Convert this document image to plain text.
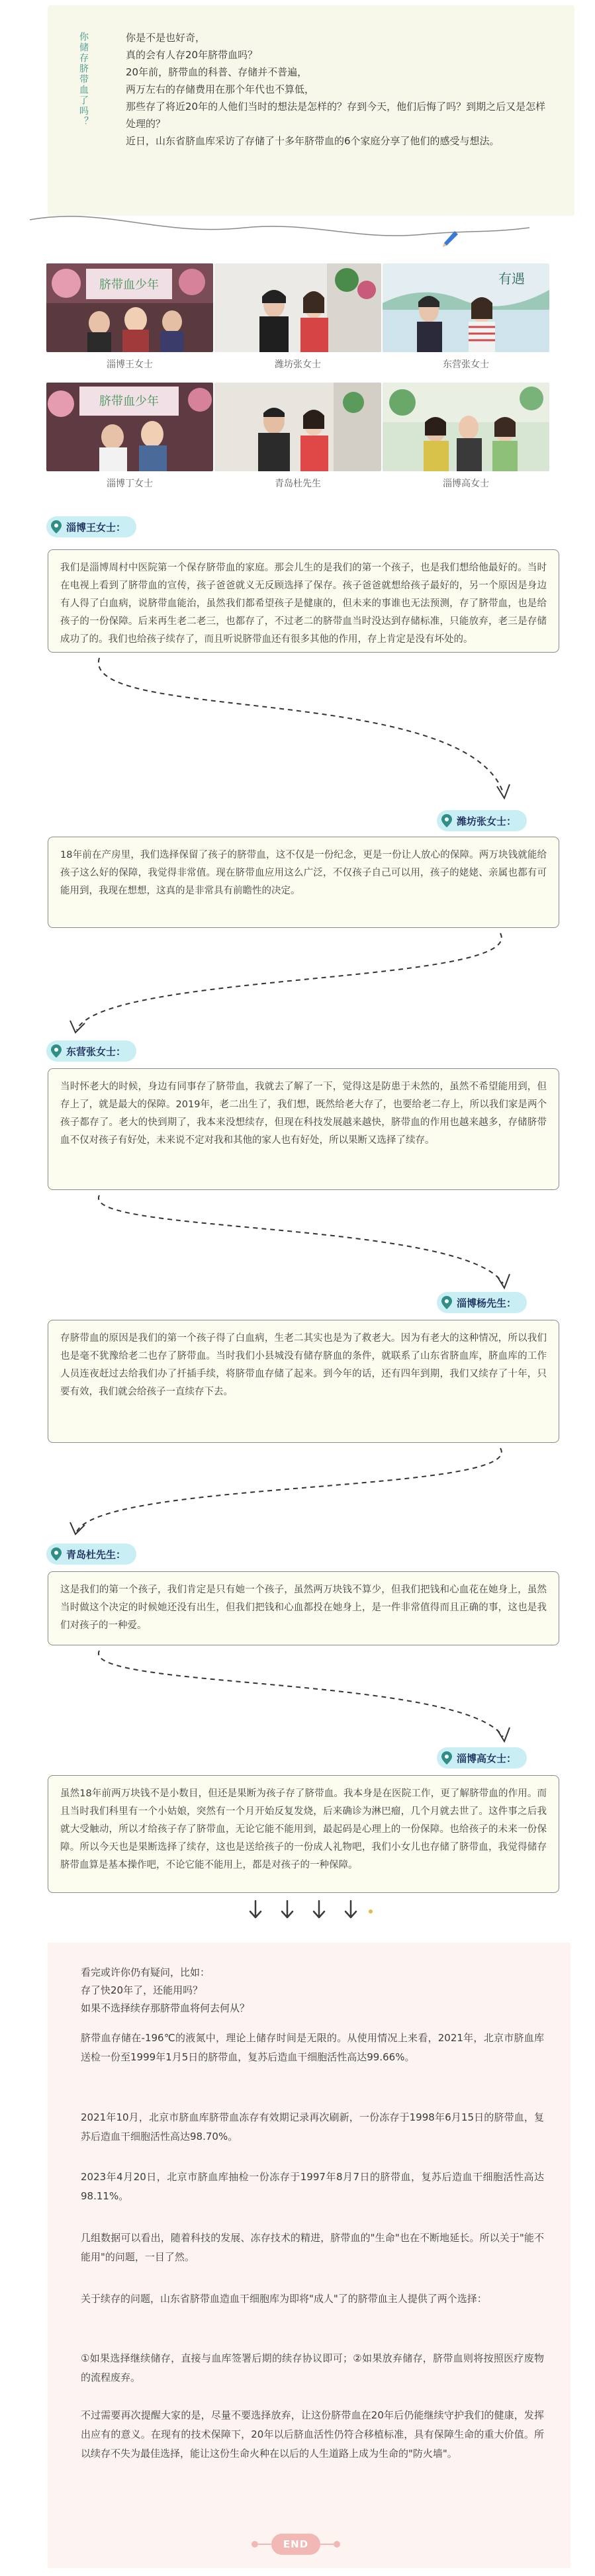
你储存脐带血了吗？	你是不是也好奇，

真的会有人存20年脐带血吗？

20年前，脐带血的科普、存储并不普遍，

两万左右的存储费用在那个年代也不算低，

那些存了将近20年的人他们当时的想法是怎样的？存到今天，他们后悔了吗？到期之后又是怎样处理的？

近日，山东省脐血库采访了存储了十多年脐带血的6个家庭分享了他们的感受与想法。

脐带血少年
淄博王女士	潍坊张女士
有遇
东营张女士
脐带血少年
淄博丁女士	青岛杜先生	淄博高女士
淄博王女士：
我们是淄博周村中医院第一个保存脐带血的家庭。那会儿生的是我们的第一个孩子，也是我们想给他最好的。当时在电视上看到了脐带血的宣传，孩子爸爸就义无反顾选择了保存。孩子爸爸就想给孩子最好的，另一个原因是身边有人得了白血病，说脐带血能治，虽然我们都希望孩子是健康的，但未来的事谁也无法预测，存了脐带血，也是给孩子的一份保障。后来再生老二老三，也都存了，不过老二的脐带血当时没达到存储标准，只能放弃，老三是存储成功了的。我们也给孩子续存了，而且听说脐带血还有很多其他的作用，存上肯定是没有坏处的。
潍坊张女士：
18年前在产房里，我们选择保留了孩子的脐带血，这不仅是一份纪念，更是一份让人放心的保障。两万块钱就能给孩子这么好的保障，我觉得非常值。现在脐带血应用这么广泛，不仅孩子自己可以用，孩子的姥姥、亲属也都有可能用到，我现在想想，这真的是非常具有前瞻性的决定。
东营张女士：
当时怀老大的时候，身边有同事存了脐带血，我就去了解了一下，觉得这是防患于未然的，虽然不希望能用到，但存上了，就是最大的保障。2019年，老二出生了，我们想，既然给老大存了，也要给老二存上，所以我们家是两个孩子都存了。老大的快到期了，我本来没想续存，但现在科技发展越来越快，脐带血的作用也越来越多，存储脐带血不仅对孩子有好处，未来说不定对我和其他的家人也有好处，所以果断又选择了续存。
淄博杨先生：
存脐带血的原因是我们的第一个孩子得了白血病，生老二其实也是为了救老大。因为有老大的这种情况，所以我们也是毫不犹豫给老二也存了脐带血。当时我们小县城没有储存脐血的条件，就联系了山东省脐血库，脐血库的工作人员连夜赶过去给我们办了扦插手续，将脐带血存储了起来。到今年的话，还有四年到期，我们又续存了十年，只要有效，我们就会给孩子一直续存下去。
青岛杜先生：
这是我们的第一个孩子，我们肯定是只有她一个孩子，虽然两万块钱不算少，但我们把钱和心血花在她身上，虽然当时做这个决定的时候她还没有出生，但我们把钱和心血都投在她身上，是一件非常值得而且正确的事，这也是我们对孩子的一种爱。
淄博高女士：
虽然18年前两万块钱不是小数目，但还是果断为孩子存了脐带血。我本身是在医院工作，更了解脐带血的作用。而且当时我们科里有一个小姑娘，突然有一个月开始反复发烧，后来确诊为淋巴瘤，几个月就去世了。这件事之后我就大受触动，所以才给孩子存了脐带血，无论它能不能用到，最起码是心理上的一份保障。也给孩子的未来一份保障。所以今天也是果断选择了续存，这也是送给孩子的一份成人礼物吧，我们小女儿也存储了脐带血，我觉得储存脐带血算是基本操作吧，不论它能不能用上，都是对孩子的一种保障。
看完或许你仍有疑问，比如：
存了快20年了，还能用吗？
如果不选择续存那脐带血将何去何从？
脐带血存储在-196℃的液氮中，理论上储存时间是无限的。从使用情况上来看，2021年，北京市脐血库送检一份至1999年1月5日的脐带血，复苏后造血干细胞活性高达99.66%。
2021年10月，北京市脐血库脐带血冻存有效期记录再次刷新，一份冻存于1998年6月15日的脐带血，复苏后造血干细胞活性高达98.70%。
2023年4月20日，北京市脐血库抽检一份冻存于1997年8月7日的脐带血，复苏后造血干细胞活性高达98.11%。
几组数据可以看出，随着科技的发展、冻存技术的精进，脐带血的"生命"也在不断地延长。所以关于"能不能用"的问题，一目了然。
关于续存的问题，山东省脐带血造血干细胞库为即将"成人"了的脐带血主人提供了两个选择：
①如果选择继续储存，直接与血库签署后期的续存协议即可；②如果放弃储存，脐带血则将按照医疗废物的流程废弃。
不过需要再次提醒大家的是，尽量不要选择放弃，让这份脐带血在20年后仍能继续守护我们的健康，发挥出应有的意义。在现有的技术保障下，20年以后脐血活性仍符合移植标准，具有保障生命的重大价值。所以续存不失为最佳选择，能让这份生命火种在以后的人生道路上成为生命的"防火墙"。
END
